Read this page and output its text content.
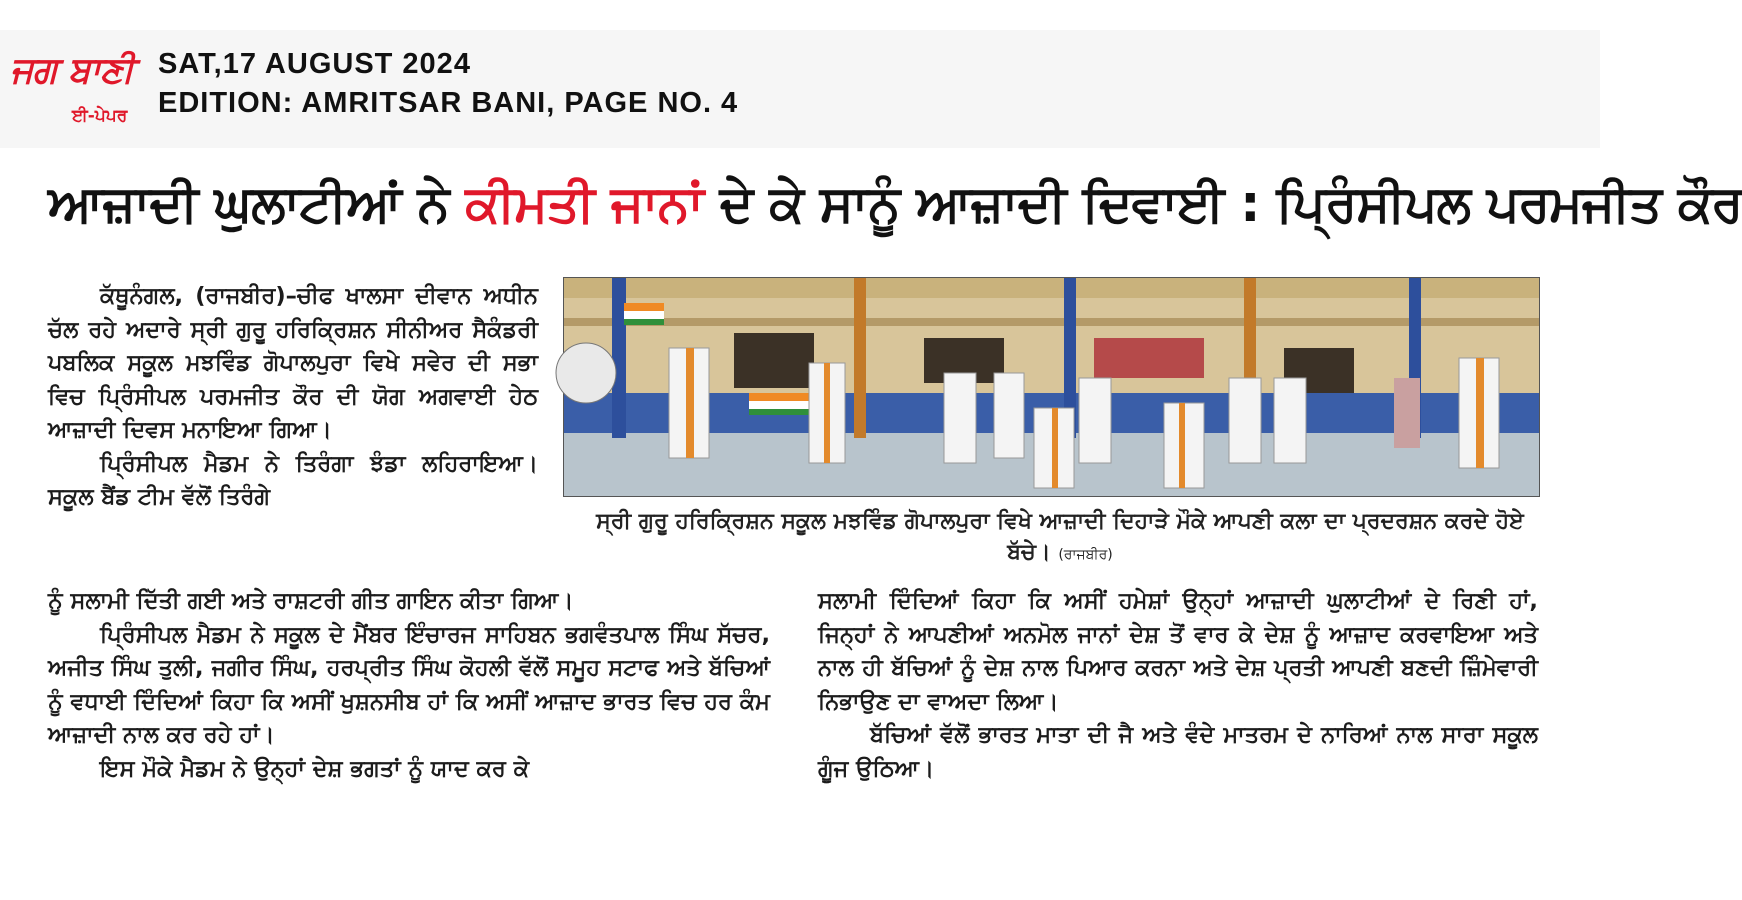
ਜਗ ਬਾਣੀ
ਈ-ਪੇਪਰ
SAT,17 AUGUST 2024
EDITION: AMRITSAR BANI, PAGE NO. 4
ਆਜ਼ਾਦੀ ਘੁਲਾਟੀਆਂ ਨੇ ਕੀਮਤੀ ਜਾਨਾਂ ਦੇ ਕੇ ਸਾਨੂੰ ਆਜ਼ਾਦੀ ਦਿਵਾਈ : ਪ੍ਰਿੰਸੀਪਲ ਪਰਮਜੀਤ ਕੌਰ

ਕੱਥੂਨੰਗਲ, (ਰਾਜਬੀਰ)–ਚੀਫ ਖਾਲਸਾ ਦੀਵਾਨ ਅਧੀਨ ਚੱਲ ਰਹੇ ਅਦਾਰੇ ਸ੍ਰੀ ਗੁਰੂ ਹਰਿਕ੍ਰਿਸ਼ਨ ਸੀਨੀਅਰ ਸੈਕੰਡਰੀ ਪਬਲਿਕ ਸਕੂਲ ਮਝਵਿੰਡ ਗੋਪਾਲਪੁਰਾ ਵਿਖੇ ਸਵੇਰ ਦੀ ਸਭਾ ਵਿਚ ਪ੍ਰਿੰਸੀਪਲ ਪਰਮਜੀਤ ਕੌਰ ਦੀ ਯੋਗ ਅਗਵਾਈ ਹੇਠ ਆਜ਼ਾਦੀ ਦਿਵਸ ਮਨਾਇਆ ਗਿਆ।

ਪ੍ਰਿੰਸੀਪਲ ਮੈਡਮ ਨੇ ਤਿਰੰਗਾ ਝੰਡਾ ਲਹਿਰਾਇਆ।ਸਕੂਲ ਬੈਂਡ ਟੀਮ ਵੱਲੋਂ ਤਿਰੰਗੇ

ਸ੍ਰੀ ਗੁਰੂ ਹਰਿਕ੍ਰਿਸ਼ਨ ਸਕੂਲ ਮਝਵਿੰਡ ਗੋਪਾਲਪੁਰਾ ਵਿਖੇ ਆਜ਼ਾਦੀ ਦਿਹਾੜੇ ਮੌਕੇ ਆਪਣੀ ਕਲਾ ਦਾ ਪ੍ਰਦਰਸ਼ਨ ਕਰਦੇ ਹੋਏ ਬੱਚੇ। (ਰਾਜਬੀਰ)

ਨੂੰ ਸਲਾਮੀ ਦਿੱਤੀ ਗਈ ਅਤੇ ਰਾਸ਼ਟਰੀ ਗੀਤ ਗਾਇਨ ਕੀਤਾ ਗਿਆ।

ਪ੍ਰਿੰਸੀਪਲ ਮੈਡਮ ਨੇ ਸਕੂਲ ਦੇ ਮੈਂਬਰ ਇੰਚਾਰਜ ਸਾਹਿਬਨ ਭਗਵੰਤਪਾਲ ਸਿੰਘ ਸੱਚਰ, ਅਜੀਤ ਸਿੰਘ ਤੁਲੀ, ਜਗੀਰ ਸਿੰਘ, ਹਰਪ੍ਰੀਤ ਸਿੰਘ ਕੋਹਲੀ ਵੱਲੋਂ ਸਮੂਹ ਸਟਾਫ ਅਤੇ ਬੱਚਿਆਂ ਨੂੰ ਵਧਾਈ ਦਿੰਦਿਆਂ ਕਿਹਾ ਕਿ ਅਸੀਂ ਖੁਸ਼ਨਸੀਬ ਹਾਂ ਕਿ ਅਸੀਂ ਆਜ਼ਾਦ ਭਾਰਤ ਵਿਚ ਹਰ ਕੰਮ ਆਜ਼ਾਦੀ ਨਾਲ ਕਰ ਰਹੇ ਹਾਂ।

ਇਸ ਮੌਕੇ ਮੈਡਮ ਨੇ ਉਨ੍ਹਾਂ ਦੇਸ਼ ਭਗਤਾਂ ਨੂੰ ਯਾਦ ਕਰ ਕੇ

ਸਲਾਮੀ ਦਿੰਦਿਆਂ ਕਿਹਾ ਕਿ ਅਸੀਂ ਹਮੇਸ਼ਾਂ ਉਨ੍ਹਾਂ ਆਜ਼ਾਦੀ ਘੁਲਾਟੀਆਂ ਦੇ ਰਿਣੀ ਹਾਂ, ਜਿਨ੍ਹਾਂ ਨੇ ਆਪਣੀਆਂ ਅਨਮੋਲ ਜਾਨਾਂ ਦੇਸ਼ ਤੋਂ ਵਾਰ ਕੇ ਦੇਸ਼ ਨੂੰ ਆਜ਼ਾਦ ਕਰਵਾਇਆ ਅਤੇ ਨਾਲ ਹੀ ਬੱਚਿਆਂ ਨੂੰ ਦੇਸ਼ ਨਾਲ ਪਿਆਰ ਕਰਨਾ ਅਤੇ ਦੇਸ਼ ਪ੍ਰਤੀ ਆਪਣੀ ਬਣਦੀ ਜ਼ਿੰਮੇਵਾਰੀ ਨਿਭਾਉਣ ਦਾ ਵਾਅਦਾ ਲਿਆ।

ਬੱਚਿਆਂ ਵੱਲੋਂ ਭਾਰਤ ਮਾਤਾ ਦੀ ਜੈ ਅਤੇ ਵੰਦੇ ਮਾਤਰਮ ਦੇ ਨਾਰਿਆਂ ਨਾਲ ਸਾਰਾ ਸਕੂਲ ਗੂੰਜ ਉਠਿਆ।
